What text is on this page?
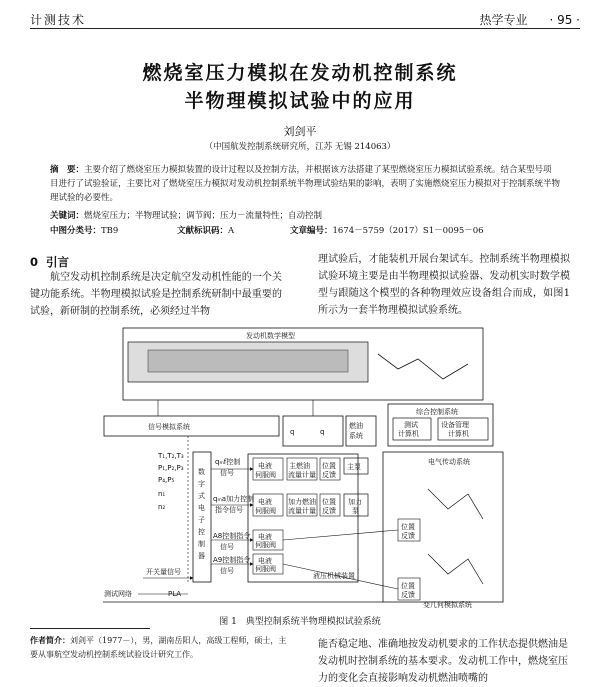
计测技术	热学专业 · 95 ·
燃烧室压力模拟在发动机控制系统
半物理模拟试验中的应用
刘剑平
（中国航发控制系统研究所，江苏 无锡 214063）
摘　要：主要介绍了燃烧室压力模拟装置的设计过程以及控制方法，并根据该方法搭建了某型燃烧室压力模拟试验系统。结合某型号项目进行了试验验证，主要比对了燃烧室压力模拟对发动机控制系统半物理试验结果的影响，表明了实施燃烧室压力模拟对于控制系统半物理试验的必要性。
关键词：燃烧室压力；半物理试验；调节阀；压力－流量特性；自动控制
中图分类号：TB9	文献标识码：A	文章编号：1674－5759（2017）S1－0095－06
0 引言

航空发动机控制系统是决定航空发动机性能的一个关键功能系统。半物理模拟试验是控制系统研制中最重要的试验，新研制的控制系统，必须经过半物

理试验后，才能装机开展台架试车。控制系统半物理模拟试验环境主要是由半物理模拟试验器、发动机实时数学模型与跟随这个模型的各种物理效应设备组合而成，如图1所示为一套半物理模拟试验系统。

发动机数学模型
信号模拟系统
q	q
燃油
系统
综合控制系统
测试
计算机
设备管理
计算机
T₁,T₂,T₃
P₁,P₂,P₃
P₄,P₅
n₁
n₂
数
字
式
电
子
控
制
器
qₘf控制
信号
qₘa加力控制
指令信号
A8控制指令
信号
A9控制指令
信号
液压机械装置
电液
伺服阀
主燃油
流量计量
位置
反馈
电液
伺服阀
加力燃油
流量计量
位置
反馈
电液
伺服阀
电液
伺服阀
主泵
加力
泵
电气传动系统
位置
反馈
位置
反馈
变几何模拟系统
开关量信号
测试网络	PLA
图 1　典型控制系统半物理模拟试验系统
作者简介：刘剑平（1977－），男，湖南岳阳人，高级工程师，硕士，主要从事航空发动机控制系统试验设计研究工作。

能否稳定地、准确地按发动机要求的工作状态提供燃油是发动机时控制系统的基本要求。发动机工作中，燃烧室压力的变化会直接影响发动机燃油喷嘴的
